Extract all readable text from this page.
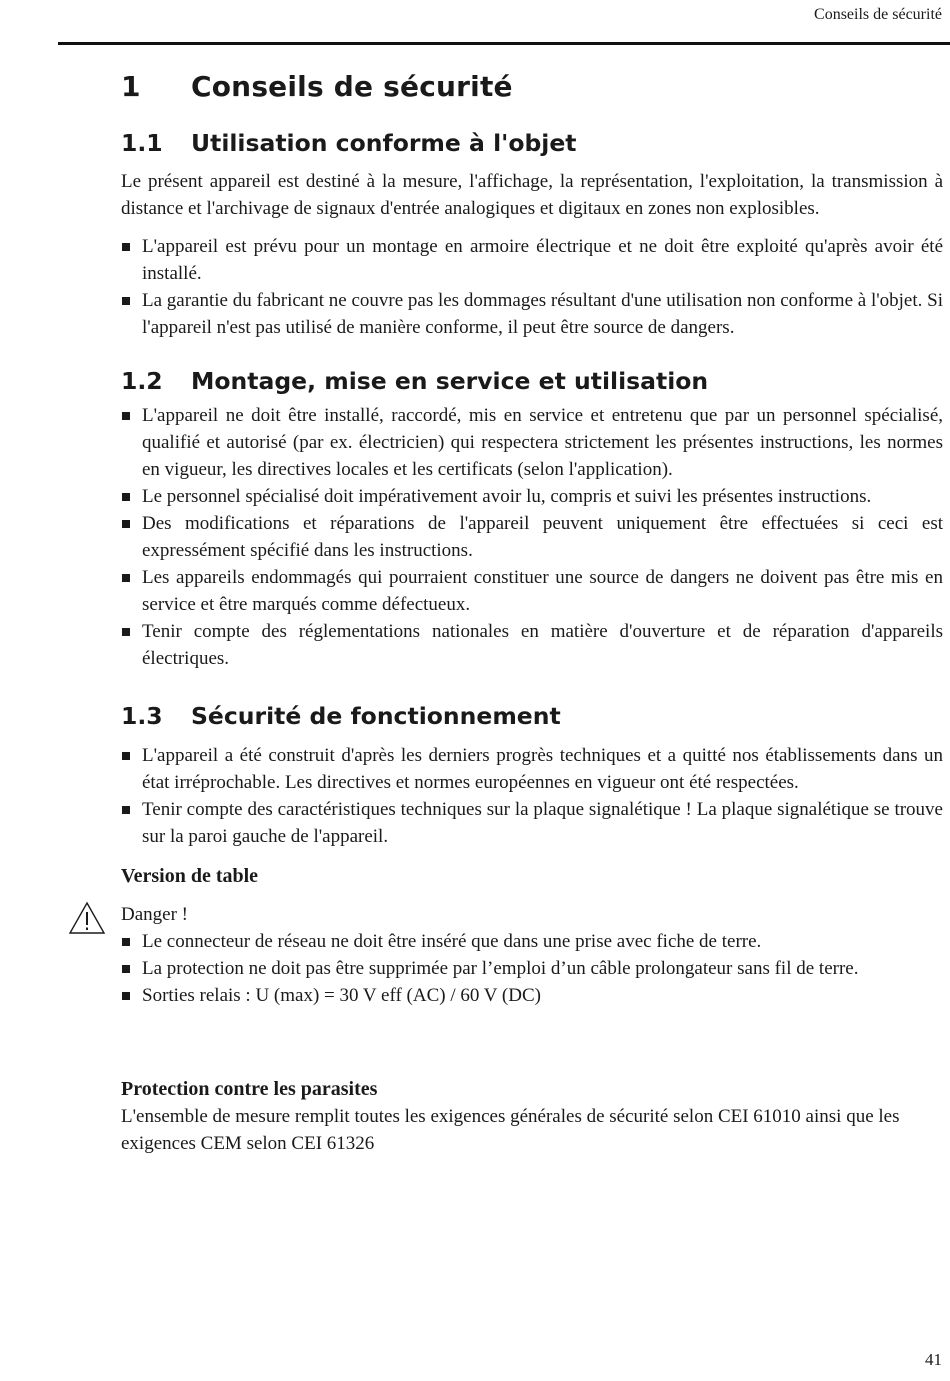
Conseils de sécurité
1	Conseils de sécurité
1.1	Utilisation conforme à l'objet

Le présent appareil est destiné à la mesure, l'affichage, la représentation, l'exploitation, la transmission à distance et l'archivage de signaux d'entrée analogiques et digitaux en zones non explosibles.

L'appareil est prévu pour un montage en armoire électrique et ne doit être exploité qu'après avoir été installé.
La garantie du fabricant ne couvre pas les dommages résultant d'une utilisation non conforme à l'objet. Si l'appareil n'est pas utilisé de manière conforme, il peut être source de dangers.
1.2	Montage, mise en service et utilisation
L'appareil ne doit être installé, raccordé, mis en service et entretenu que par un personnel spécialisé, qualifié et autorisé (par ex. électricien) qui respectera strictement les présentes instructions, les normes en vigueur, les directives locales et les certificats (selon l'application).
Le personnel spécialisé doit impérativement avoir lu, compris et suivi les présentes instructions.
Des modifications et réparations de l'appareil peuvent uniquement être effectuées si ceci est expressément spécifié dans les instructions.
Les appareils endommagés qui pourraient constituer une source de dangers ne doivent pas être mis en service et être marqués comme défectueux.
Tenir compte des réglementations nationales en matière d'ouverture et de réparation d'appareils électriques.
1.3	Sécurité de fonctionnement
L'appareil a été construit d'après les derniers progrès techniques et a quitté nos établissements dans un état irréprochable. Les directives et normes européennes en vigueur ont été respectées.
Tenir compte des caractéristiques techniques sur la plaque signalétique ! La plaque signalétique se trouve sur la paroi gauche de l'appareil.

Version de table

Danger !

Le connecteur de réseau ne doit être inséré que dans une prise avec fiche de terre.
La protection ne doit pas être supprimée par l’emploi d’un câble prolongateur sans fil de terre.
Sorties relais : U (max) = 30 V eff (AC) / 60 V (DC)

Protection contre les parasites

L'ensemble de mesure remplit toutes les exigences générales de sécurité selon CEI 61010 ainsi que les exigences CEM selon CEI 61326

41
